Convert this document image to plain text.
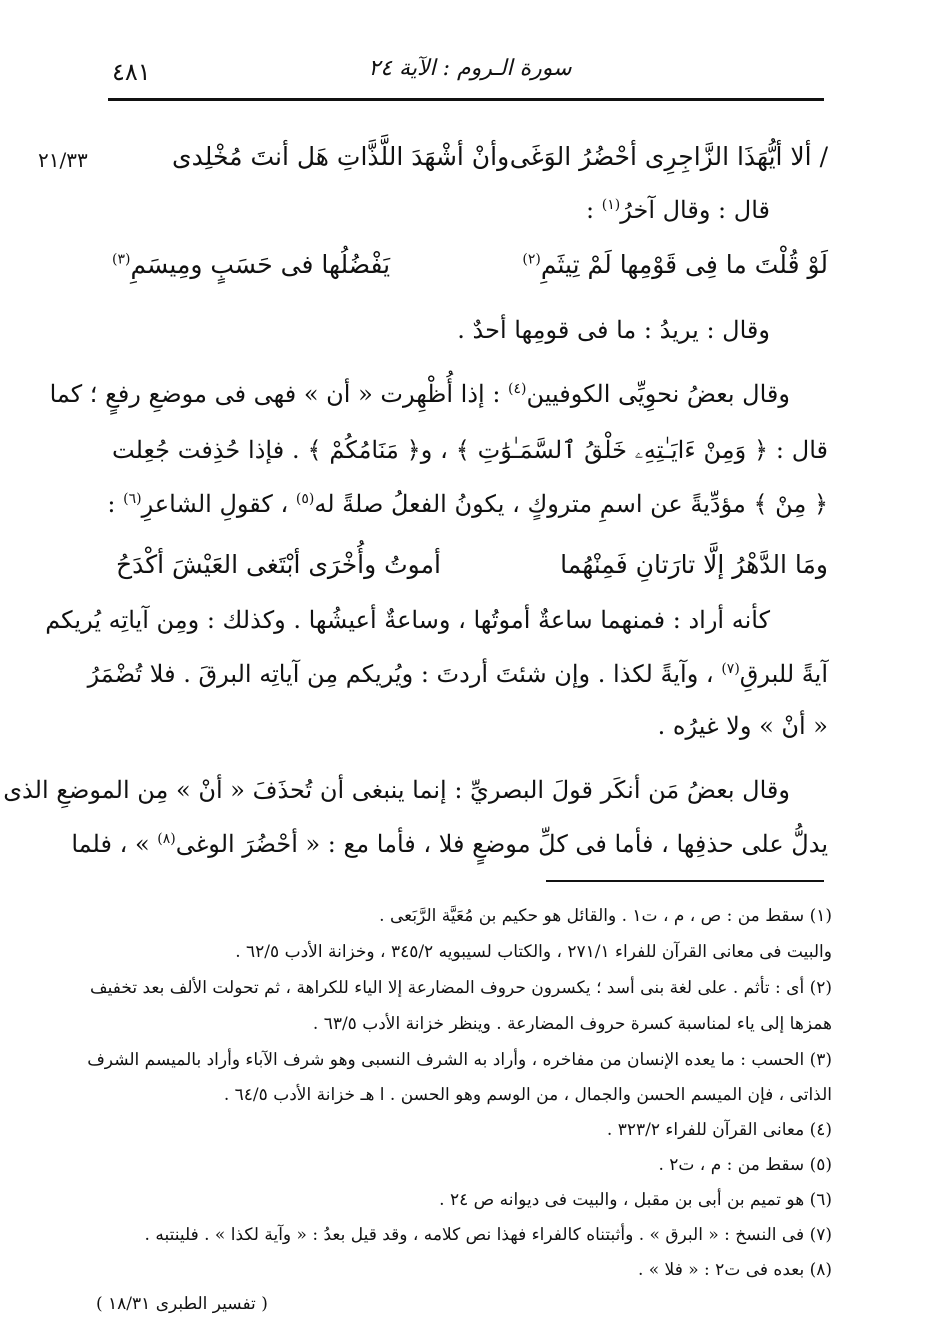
٤٨١	سورة الـروم : الآية ٢٤
٢١/٣٣	/ ألا أيُّهَذَا الزَّاجِرِى أحْضُرُ الوَغَى
وأنْ أشْهَدَ اللَّذَّاتِ هَل أنتَ مُخْلِدى
قال : وقال آخرُ$^{(١)}$ :
لَوْ قُلْتَ ما فِى قَوْمِها لَمْ تِيثَمِ$^{(٢)}$
يَفْضُلُها فى حَسَبٍ ومِيسَمِ$^{(٣)}$
وقال : يريدُ : ما فى قومِها أحدٌ .
وقال بعضُ نحوِيِّى الكوفيين$^{(٤)}$ : إذا أُظْهِرت « أن » فهى فى موضعِ رفعٍ ؛ كما
قال : ﴿ وَمِنْ ءَايَـٰتِهِۦ خَلْقُ ٱلسَّمَـٰوَٰتِ ﴾ ، و﴿ مَنَامُكُمْ ﴾ . فإذا حُذِفت جُعِلت
﴿ مِنْ ﴾ مؤدِّيةً عن اسمِ متروكٍ ، يكونُ الفعلُ صلةً له$^{(٥)}$ ، كقولِ الشاعرِ$^{(٦)}$ :
ومَا الدَّهْرُ إلَّا تارَتانِ فَمِنْهُما
أموتُ وأُخْرَى أبْتَغى العَيْشَ أكْدَحُ
كأنه أراد : فمنهما ساعةٌ أموتُها ، وساعةٌ أعيشُها . وكذلك : ومِن آياتِه يُريكم
آيةً للبرقِ$^{(٧)}$ ، وآيةً لكذا . وإن شئتَ أردتَ : ويُريكم مِن آياتِه البرقَ . فلا تُضْمَرُ
« أنْ » ولا غيرُه .
وقال بعضُ مَن أنكَر قولَ البصريِّ : إنما ينبغى أن تُحذَفَ « أنْ » مِن الموضعِ الذى
يدلُّ على حذفِها ، فأما فى كلِّ موضعٍ فلا ، فأما مع : « أحْضُرَ الوغى$^{(٨)}$ » ، فلما
(١) سقط من : ص ، م ، ت١ . والقائل هو حكيم بن مُعَيَّة الرَّبَعى .
والبيت فى معانى القرآن للفراء ٢٧١/١ ، والكتاب لسيبويه ٣٤٥/٢ ، وخزانة الأدب ٦٢/٥ .
(٢) أى : تأثم . على لغة بنى أسد ؛ يكسرون حروف المضارعة إلا الياء للكراهة ، ثم تحولت الألف بعد تخفيف
همزها إلى ياء لمناسبة كسرة حروف المضارعة . وينظر خزانة الأدب ٦٣/٥ .
(٣) الحسب : ما يعده الإنسان من مفاخره ، وأراد به الشرف النسبى وهو شرف الآباء وأراد بالميسم الشرف
الذاتى ، فإن الميسم الحسن والجمال ، من الوسم وهو الحسن . ا هـ خزانة الأدب ٦٤/٥ .
(٤) معانى القرآن للفراء ٣٢٣/٢ .
(٥) سقط من : م ، ت٢ .
(٦) هو تميم بن أبى بن مقبل ، والبيت فى ديوانه ص ٢٤ .
(٧) فى النسخ : « البرق » . وأثبتناه كالفراء فهذا نص كلامه ، وقد قيل بعدُ : « وآية لكذا » . فلينتبه .
(٨) بعده فى ت٢ : « فلا » .
( تفسير الطبرى ١٨/٣١ )
